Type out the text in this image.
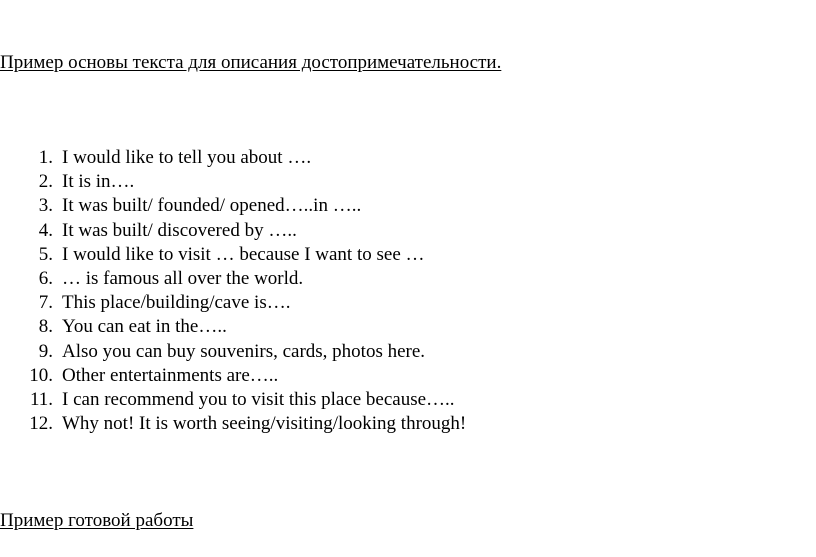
Пример основы текста для описания достопримечательности.
1. I would like to tell you about ….
2. It is in….
3. It was built/ founded/ opened…..in …..
4. It was built/ discovered by …..
5. I would like to visit … because I want to see …
6. … is famous all over the world.
7. This place/building/cave is….
8. You can eat in the…..
9. Also you can buy souvenirs, cards, photos here.
10. Other entertainments are…..
11. I can recommend you to visit this place because…..
12. Why not! It is worth seeing/visiting/looking through!
Пример готовой работы
